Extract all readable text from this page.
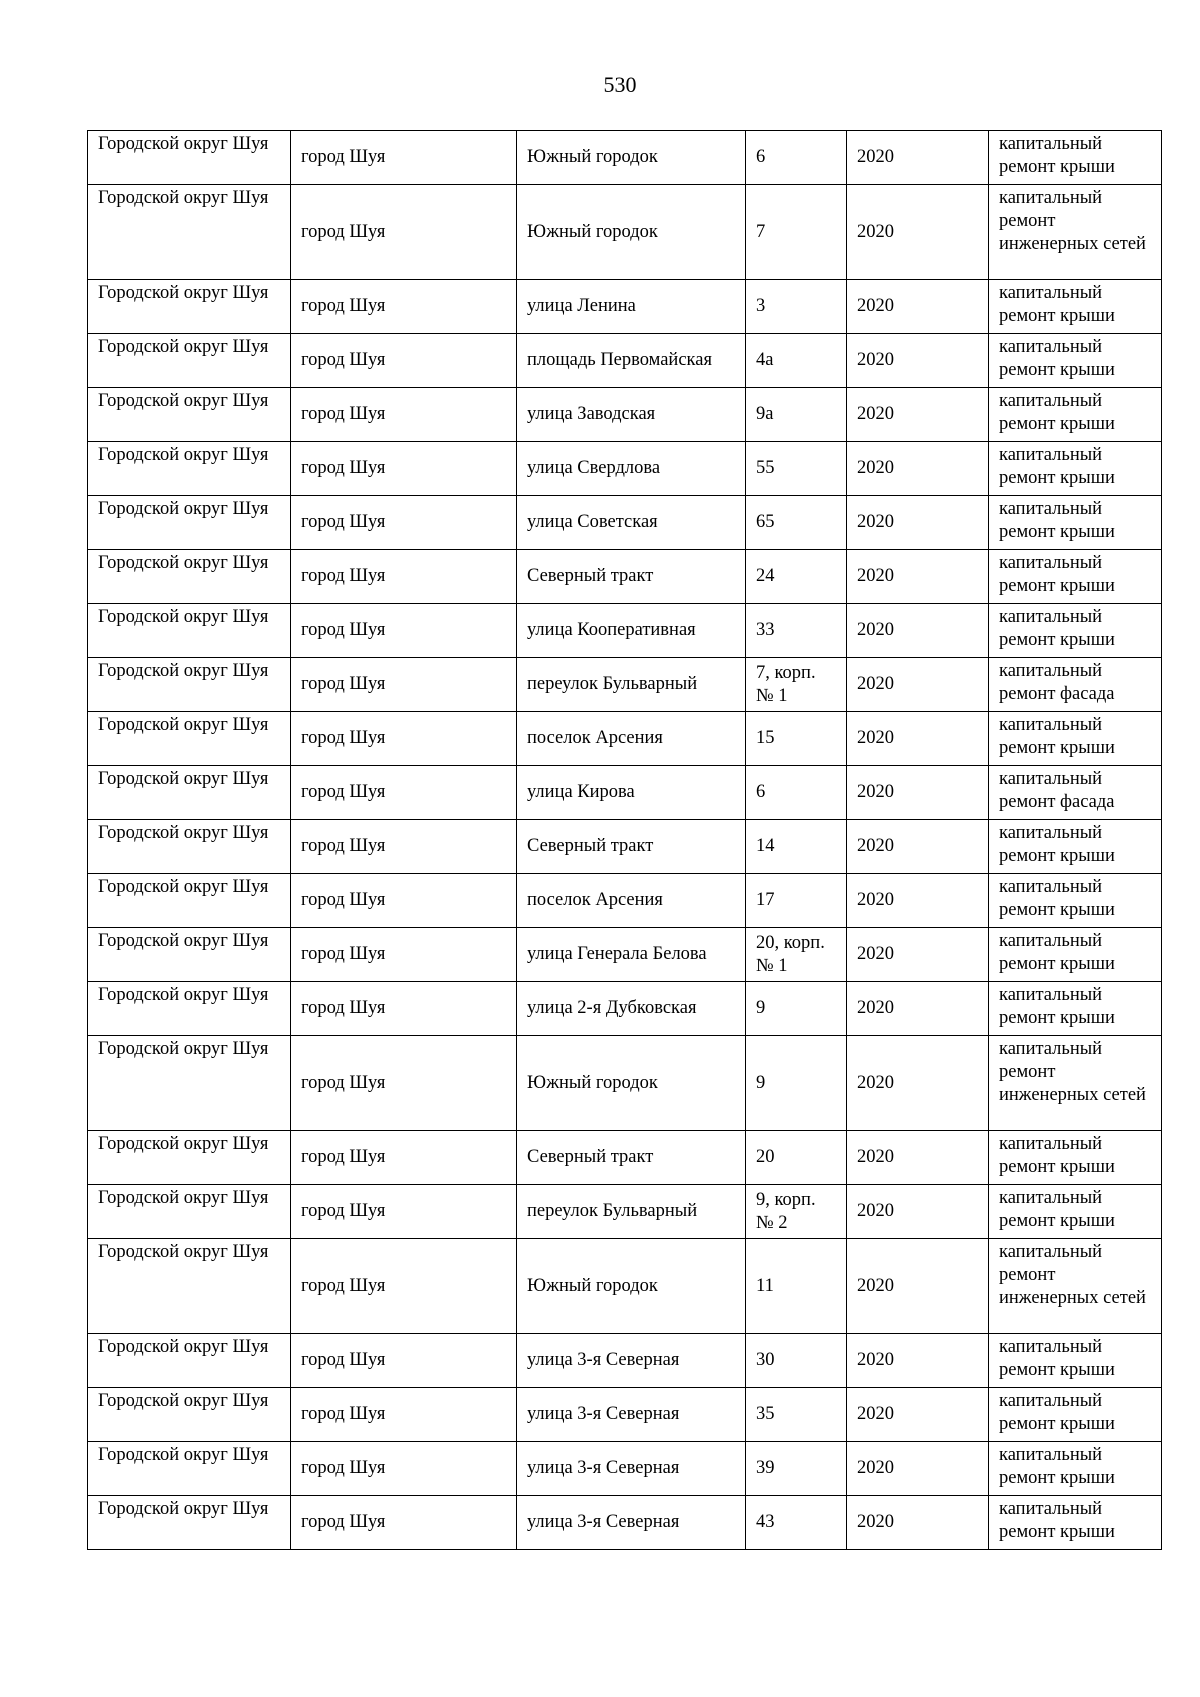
530
Городской округ Шуя	город Шуя	Южный городок	6	2020	капитальный ремонт крыши
Городской округ Шуя	город Шуя	Южный городок	7	2020	капитальный ремонт инженерных сетей
Городской округ Шуя	город Шуя	улица Ленина	3	2020	капитальный ремонт крыши
Городской округ Шуя	город Шуя	площадь Первомайская	4а	2020	капитальный ремонт крыши
Городской округ Шуя	город Шуя	улица Заводская	9а	2020	капитальный ремонт крыши
Городской округ Шуя	город Шуя	улица Свердлова	55	2020	капитальный ремонт крыши
Городской округ Шуя	город Шуя	улица Советская	65	2020	капитальный ремонт крыши
Городской округ Шуя	город Шуя	Северный тракт	24	2020	капитальный ремонт крыши
Городской округ Шуя	город Шуя	улица Кооперативная	33	2020	капитальный ремонт крыши
Городской округ Шуя	город Шуя	переулок Бульварный	7, корп. № 1	2020	капитальный ремонт фасада
Городской округ Шуя	город Шуя	поселок Арсения	15	2020	капитальный ремонт крыши
Городской округ Шуя	город Шуя	улица Кирова	6	2020	капитальный ремонт фасада
Городской округ Шуя	город Шуя	Северный тракт	14	2020	капитальный ремонт крыши
Городской округ Шуя	город Шуя	поселок Арсения	17	2020	капитальный ремонт крыши
Городской округ Шуя	город Шуя	улица Генерала Белова	20, корп. № 1	2020	капитальный ремонт крыши
Городской округ Шуя	город Шуя	улица 2-я Дубковская	9	2020	капитальный ремонт крыши
Городской округ Шуя	город Шуя	Южный городок	9	2020	капитальный ремонт инженерных сетей
Городской округ Шуя	город Шуя	Северный тракт	20	2020	капитальный ремонт крыши
Городской округ Шуя	город Шуя	переулок Бульварный	9, корп. № 2	2020	капитальный ремонт крыши
Городской округ Шуя	город Шуя	Южный городок	11	2020	капитальный ремонт инженерных сетей
Городской округ Шуя	город Шуя	улица 3-я Северная	30	2020	капитальный ремонт крыши
Городской округ Шуя	город Шуя	улица 3-я Северная	35	2020	капитальный ремонт крыши
Городской округ Шуя	город Шуя	улица 3-я Северная	39	2020	капитальный ремонт крыши
Городской округ Шуя	город Шуя	улица 3-я Северная	43	2020	капитальный ремонт крыши
